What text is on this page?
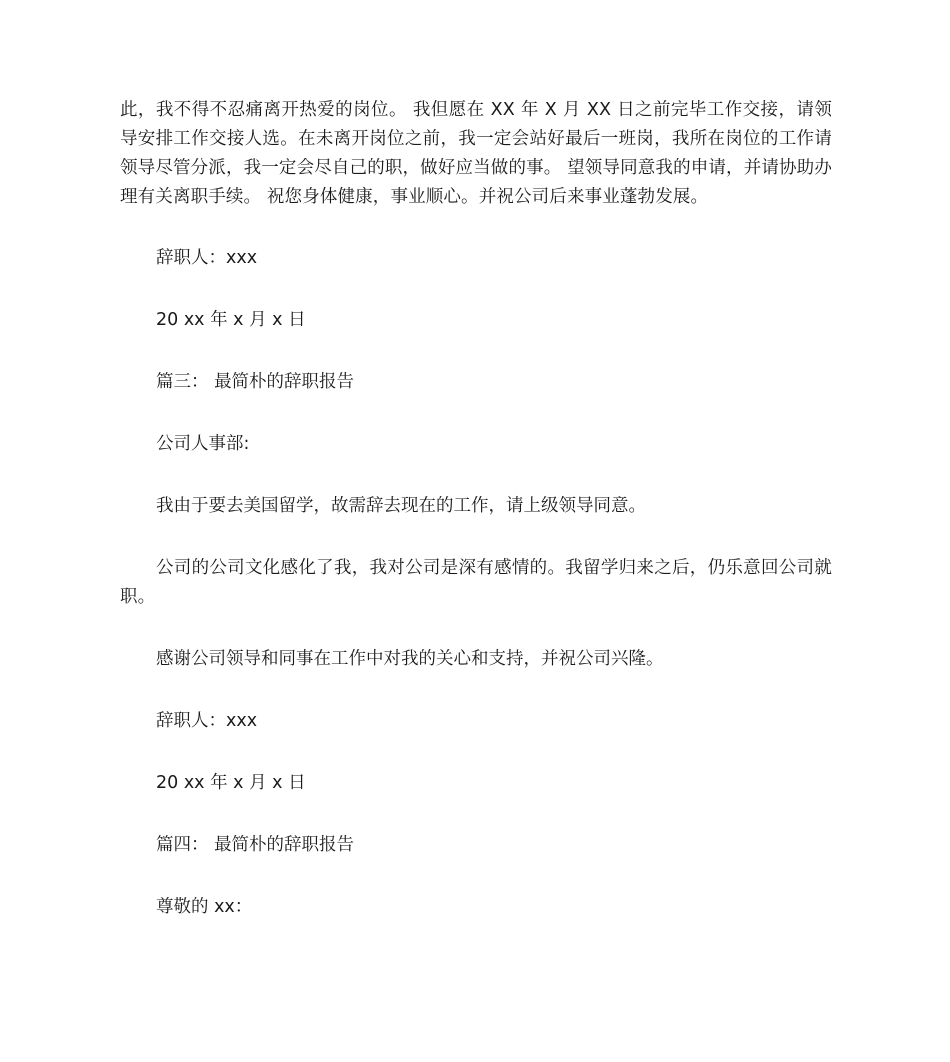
此，我不得不忍痛离开热爱的岗位。 我但愿在 XX 年 X 月 XX 日之前完毕工作交接，请领导安排工作交接人选。在未离开岗位之前，我一定会站好最后一班岗，我所在岗位的工作请领导尽管分派，我一定会尽自己的职，做好应当做的事。 望领导同意我的申请，并请协助办理有关离职手续。 祝您身体健康，事业顺心。并祝公司后来事业蓬勃发展。

辞职人：xxx

20 xx 年 x 月 x 日

篇三： 最简朴的辞职报告

公司人事部:

我由于要去美国留学，故需辞去现在的工作，请上级领导同意。

公司的公司文化感化了我，我对公司是深有感情的。我留学归来之后，仍乐意回公司就职。

感谢公司领导和同事在工作中对我的关心和支持，并祝公司兴隆。

辞职人：xxx

20 xx 年 x 月 x 日

篇四： 最简朴的辞职报告

尊敬的 xx：
